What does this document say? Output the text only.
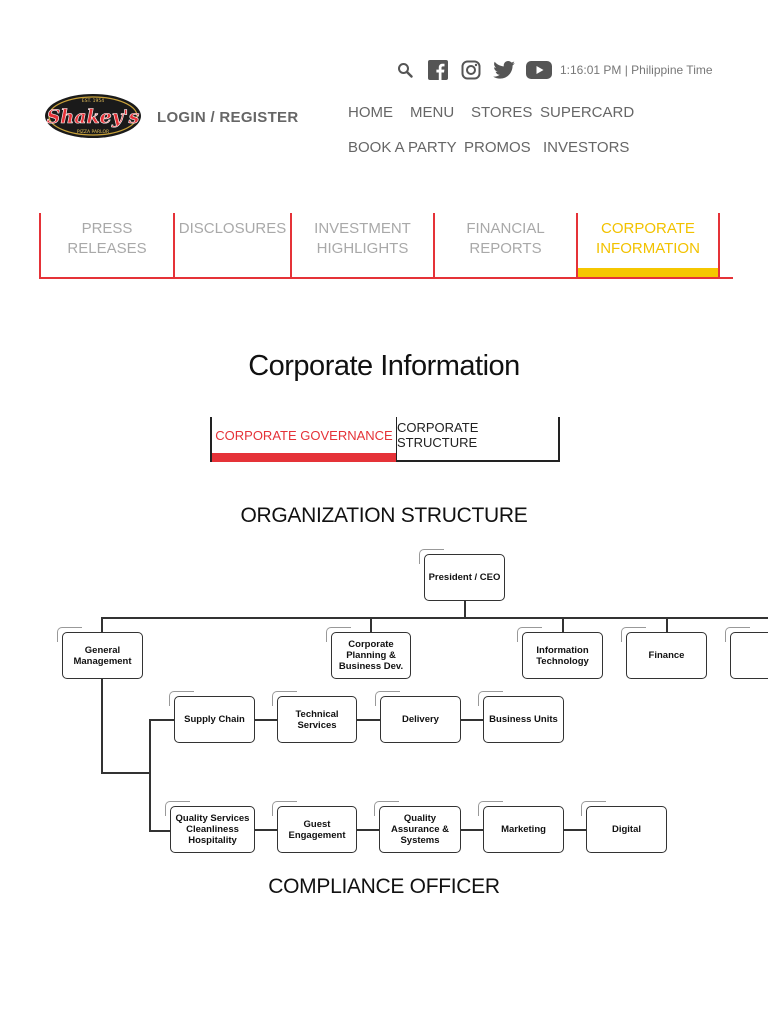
EST. 1954
Shakey's
PIZZA PARLOR
LOGIN / REGISTER
1:16:01 PM | Philippine Time
HOME MENU STORES SUPERCARD
BOOK A PARTY PROMOS INVESTORS
PRESS RELEASES
DISCLOSURES INVESTMENT
HIGHLIGHTS
FINANCIAL
REPORTS
CORPORATE
INFORMATION
Corporate Information
CORPORATE GOVERNANCE
CORPORATE STRUCTURE
ORGANIZATION STRUCTURE
President / CEO
General Management
Corporate Planning & Business Dev.
Information Technology	Finance
Supply Chain	Technical Services	Delivery	Business Units
Quality Services Cleanliness Hospitality
Guest Engagement
Quality Assurance & Systems
Marketing	Digital
COMPLIANCE OFFICER
